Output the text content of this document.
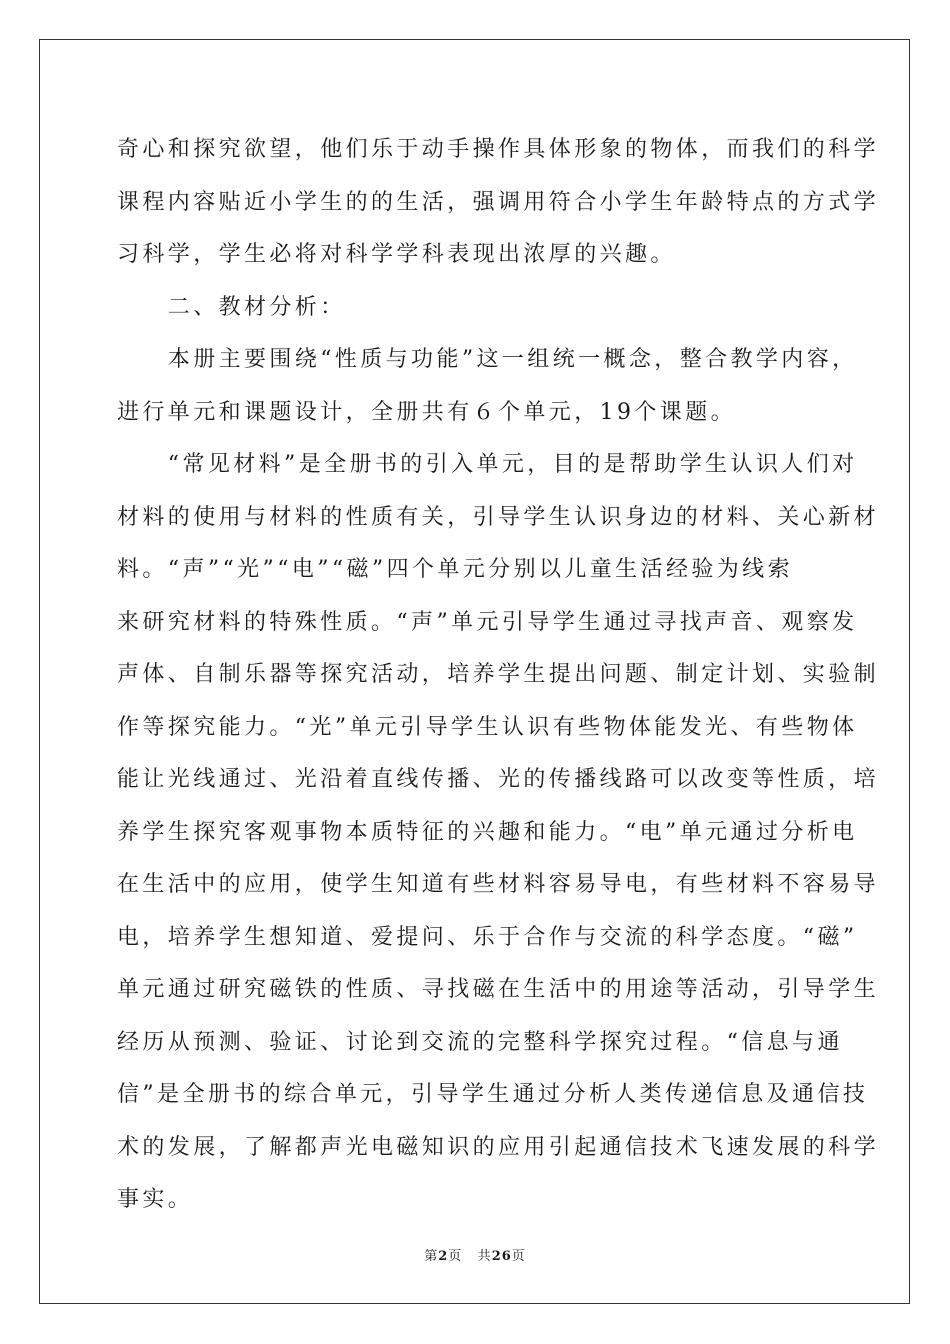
奇心和探究欲望，他们乐于动手操作具体形象的物体，而我们的科学
课程内容贴近小学生的的生活，强调用符合小学生年龄特点的方式学
习科学，学生必将对科学学科表现出浓厚的兴趣。
　　二、教材分析：
　　本册主要围绕“性质与功能”这一组统一概念，整合教学内容，
进行单元和课题设计，全册共有６个单元，19个课题。
　　“常见材料”是全册书的引入单元，目的是帮助学生认识人们对
材料的使用与材料的性质有关，引导学生认识身边的材料、关心新材
料。“声”“光”“电”“磁”四个单元分别以儿童生活经验为线索
来研究材料的特殊性质。“声”单元引导学生通过寻找声音、观察发
声体、自制乐器等探究活动，培养学生提出问题、制定计划、实验制
作等探究能力。“光”单元引导学生认识有些物体能发光、有些物体
能让光线通过、光沿着直线传播、光的传播线路可以改变等性质，培
养学生探究客观事物本质特征的兴趣和能力。“电”单元通过分析电
在生活中的应用，使学生知道有些材料容易导电，有些材料不容易导
电，培养学生想知道、爱提问、乐于合作与交流的科学态度。“磁”
单元通过研究磁铁的性质、寻找磁在生活中的用途等活动，引导学生
经历从预测、验证、讨论到交流的完整科学探究过程。“信息与通
信”是全册书的综合单元，引导学生通过分析人类传递信息及通信技
术的发展，了解都声光电磁知识的应用引起通信技术飞速发展的科学
事实。
第2页 共26页
